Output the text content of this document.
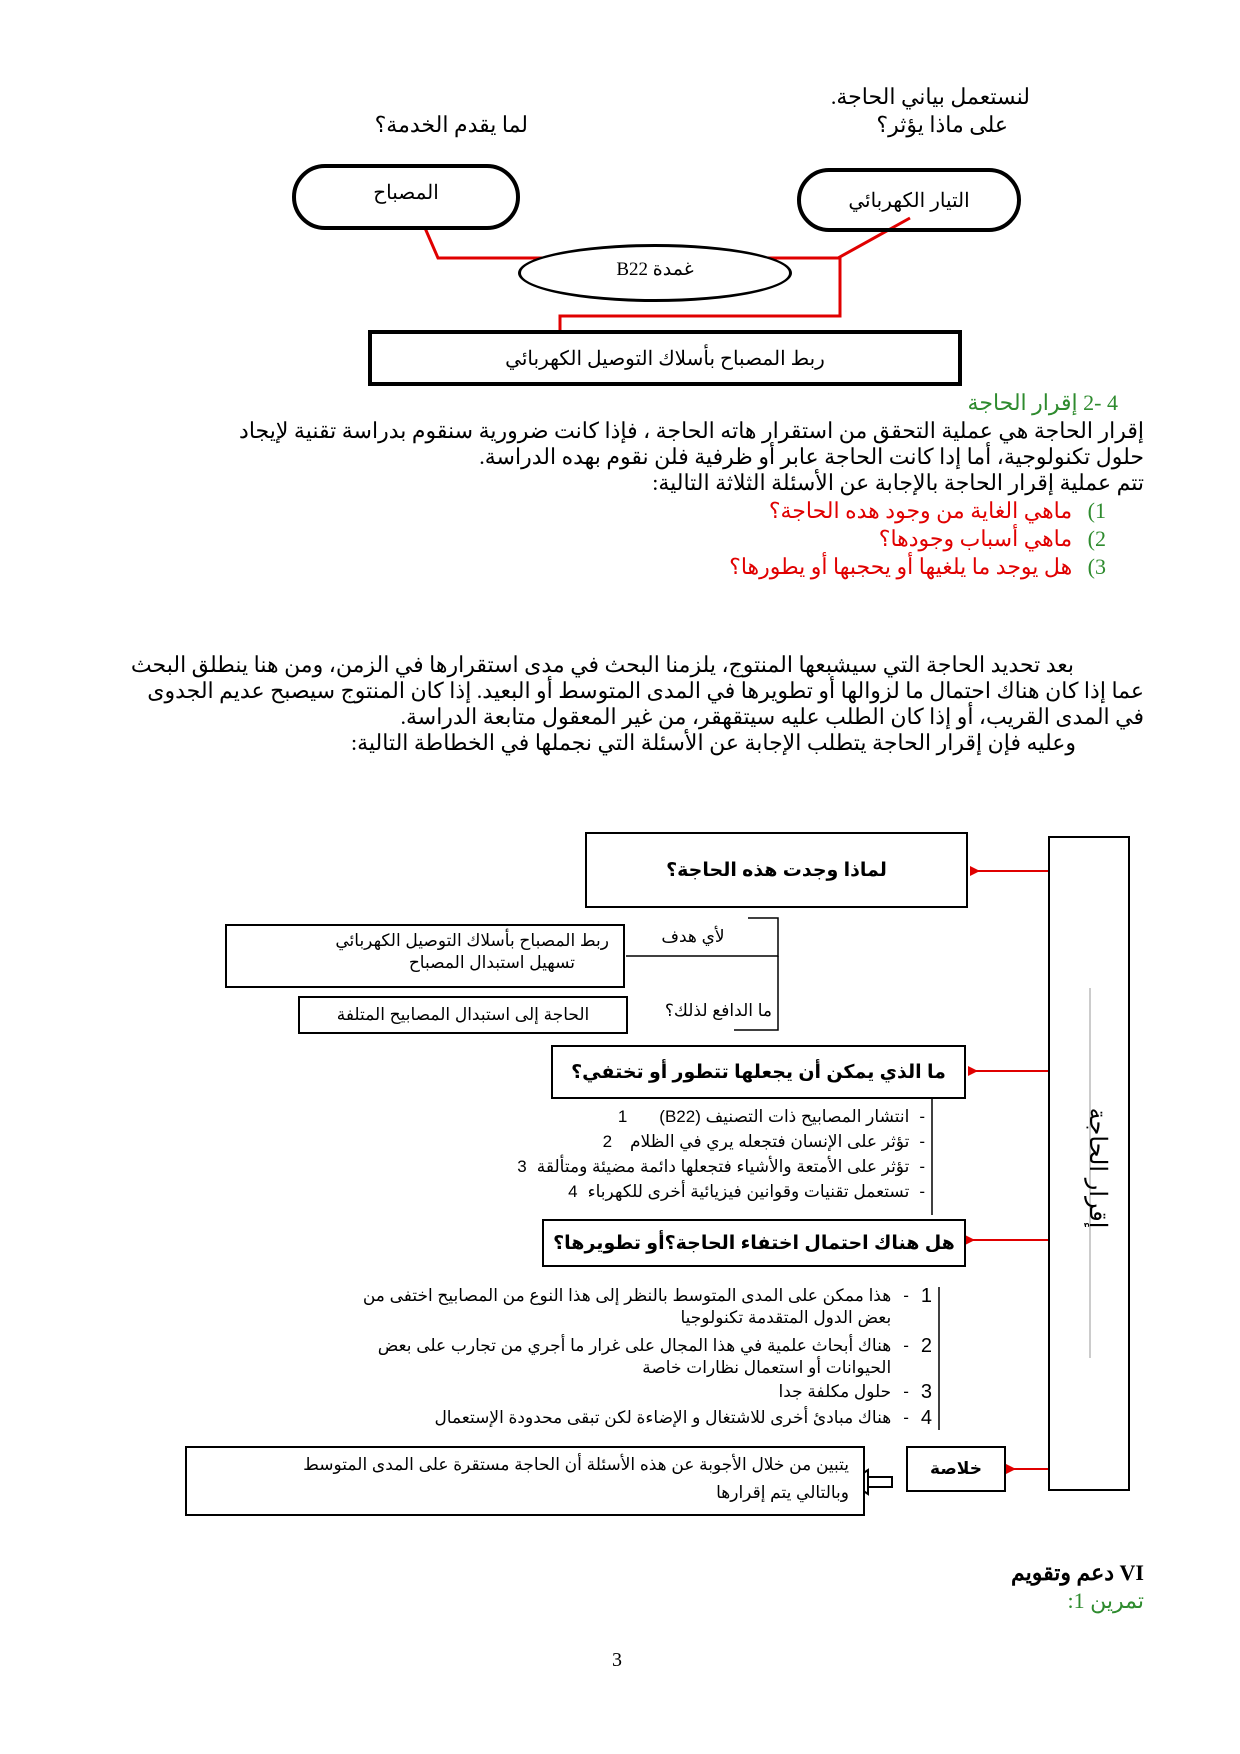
لنستعمل بياني الحاجة.
على ماذا يؤثر؟
لما يقدم الخدمة؟
المصباح	التيار الكهربائي
غمدة B22
ربط المصباح بأسلاك التوصيل الكهربائي
4 -2 إقرار الحاجة
إقرار الحاجة هي عملية التحقق من استقرار هاته الحاجة ، فإذا كانت ضرورية سنقوم بدراسة تقنية لإيجاد
حلول تكنولوجية، أما إدا كانت الحاجة عابر أو ظرفية فلن نقوم بهده الدراسة.
تتم عملية إقرار الحاجة بالإجابة عن الأسئلة الثلاثة التالية:
1) ماهي الغاية من وجود هده الحاجة؟
2) ماهي أسباب وجودها؟
3) هل يوجد ما يلغيها أو يحجبها أو يطورها؟
بعد تحديد الحاجة التي سيشبعها المنتوج، يلزمنا البحث في مدى استقرارها في الزمن، ومن هنا ينطلق البحث
عما إذا كان هناك احتمال ما لزوالها أو تطويرها في المدى المتوسط أو البعيد. إذا كان المنتوج سيصبح عديم الجدوى
في المدى القريب، أو إذا كان الطلب عليه سيتقهقر، من غير المعقول متابعة الدراسة.
وعليه فإن إقرار الحاجة يتطلب الإجابة عن الأسئلة التي نجملها في الخطاطة التالية:
إقرار الحاجة
لماذا وجدت هذه الحاجة؟
لأي هدف
ربط المصباح بأسلاك التوصيل الكهربائي
تسهيل استبدال المصباح
ما الدافع لذلك؟
الحاجة إلى استبدال المصابيح المتلفة
ما الذي يمكن أن يجعلها تتطور أو تختفي؟
-
انتشار المصابيح ذات التصنيف (B22)
1
-
تؤثر على الإنسان فتجعله يري في الظلام
2
-
تؤثر على الأمتعة والأشياء فتجعلها دائمة مضيئة ومتألقة
3
-
تستعمل تقنيات وقوانين فيزيائية أخرى للكهرباء
4
هل هناك احتمال اختفاء الحاجة؟أو تطويرها؟
1
-
هذا ممكن على المدى المتوسط بالنظر إلى هذا النوع من المصابيح اختفى من
بعض الدول المتقدمة تكنولوجيا
2
-
هناك أبحاث علمية في هذا المجال على غرار ما أجري من تجارب على بعض
الحيوانات أو استعمال نظارات خاصة
3
-
حلول مكلفة جدا
4
-
هناك مبادئ أخرى للاشتغال و الإضاءة لكن تبقى محدودة الإستعمال
خلاصة
يتبين من خلال الأجوبة عن هذه الأسئلة أن الحاجة مستقرة على المدى المتوسط
وبالتالي يتم إقرارها
VI دعم وتقويم
تمرين 1:
3
